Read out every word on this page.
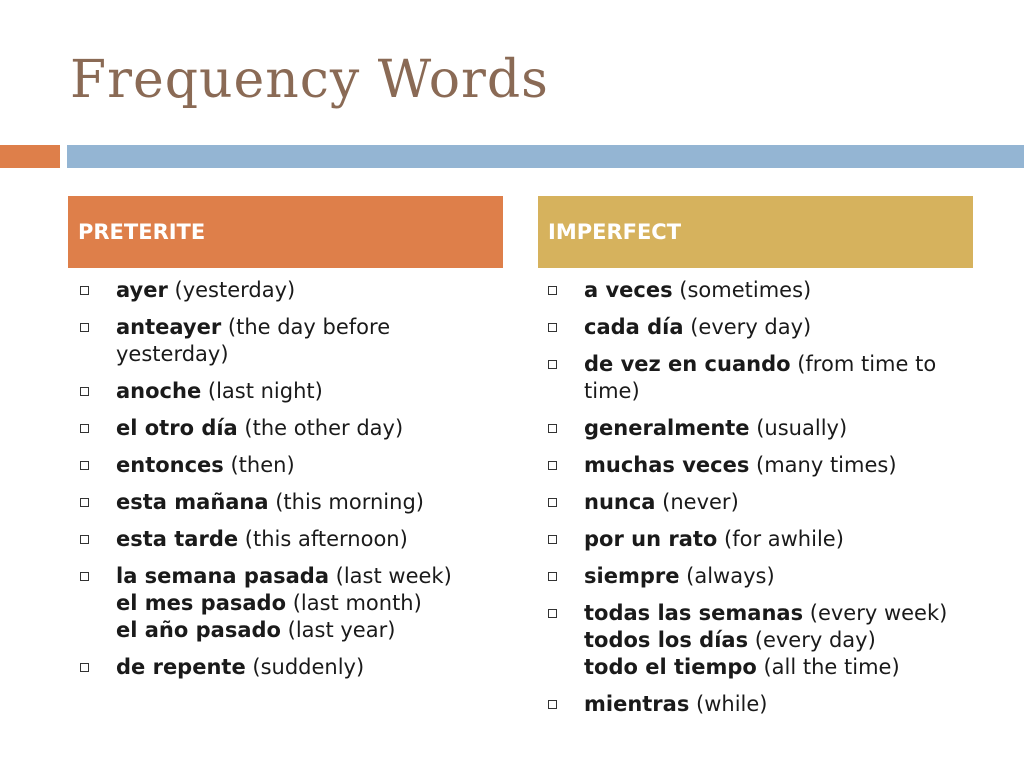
Frequency Words
PRETERITE	IMPERFECT
ayer (yesterday)
anteayer (the day before
yesterday)
anoche (last night)
el otro día (the other day)
entonces (then)
esta mañana (this morning)
esta tarde (this afternoon)
la semana pasada (last week)
el mes pasado (last month)
el año pasado (last year)
de repente (suddenly)
a veces (sometimes)
cada día (every day)
de vez en cuando (from time to
time)
generalmente (usually)
muchas veces (many times)
nunca (never)
por un rato (for awhile)
siempre (always)
todas las semanas (every week)
todos los días (every day)
todo el tiempo (all the time)
mientras (while)
